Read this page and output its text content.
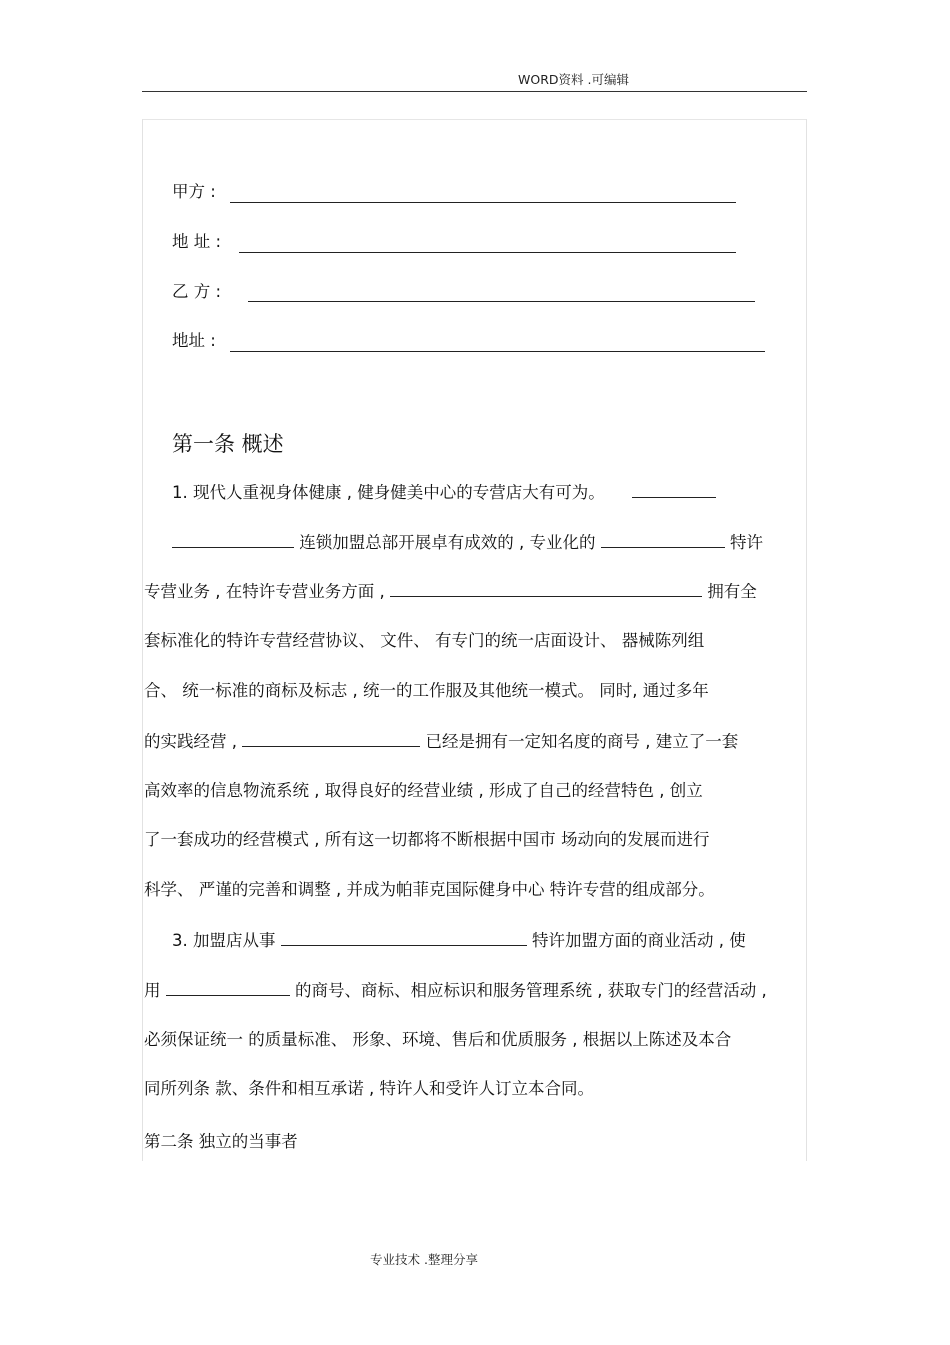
WORD资料 .可编辑
甲方 :
地 址 :
乙 方 :
地址 :
第一条 概述
1. 现代人重视身体健康 , 健身健美中心的专营店大有可为。
连锁加盟总部开展卓有成效的 , 专业化的	特许
专营业务 , 在特许专营业务方面 ,	拥有全
套标准化的特许专营经营协议、 文件、 有专门的统一店面设计、 器械陈列组
合、 统一标准的商标及标志 , 统一的工作服及其他统一模式。 同时, 通过多年
的实践经营 ,	已经是拥有一定知名度的商号 , 建立了一套
高效率的信息物流系统 , 取得良好的经营业绩 , 形成了自己的经营特色 , 创立
了一套成功的经营模式 , 所有这一切都将不断根据中国市 场动向的发展而进行
科学、 严谨的完善和调整 , 并成为帕菲克国际健身中心 特许专营的组成部分。
3. 加盟店从事	特许加盟方面的商业活动 , 使
用	的商号、商标、相应标识和服务管理系统 , 获取专门的经营活动 ,
必须保证统一 的质量标准、 形象、环境、售后和优质服务 , 根据以上陈述及本合
同所列条 款、条件和相互承诺 , 特许人和受许人订立本合同。
第二条 独立的当事者
专业技术 .整理分享
